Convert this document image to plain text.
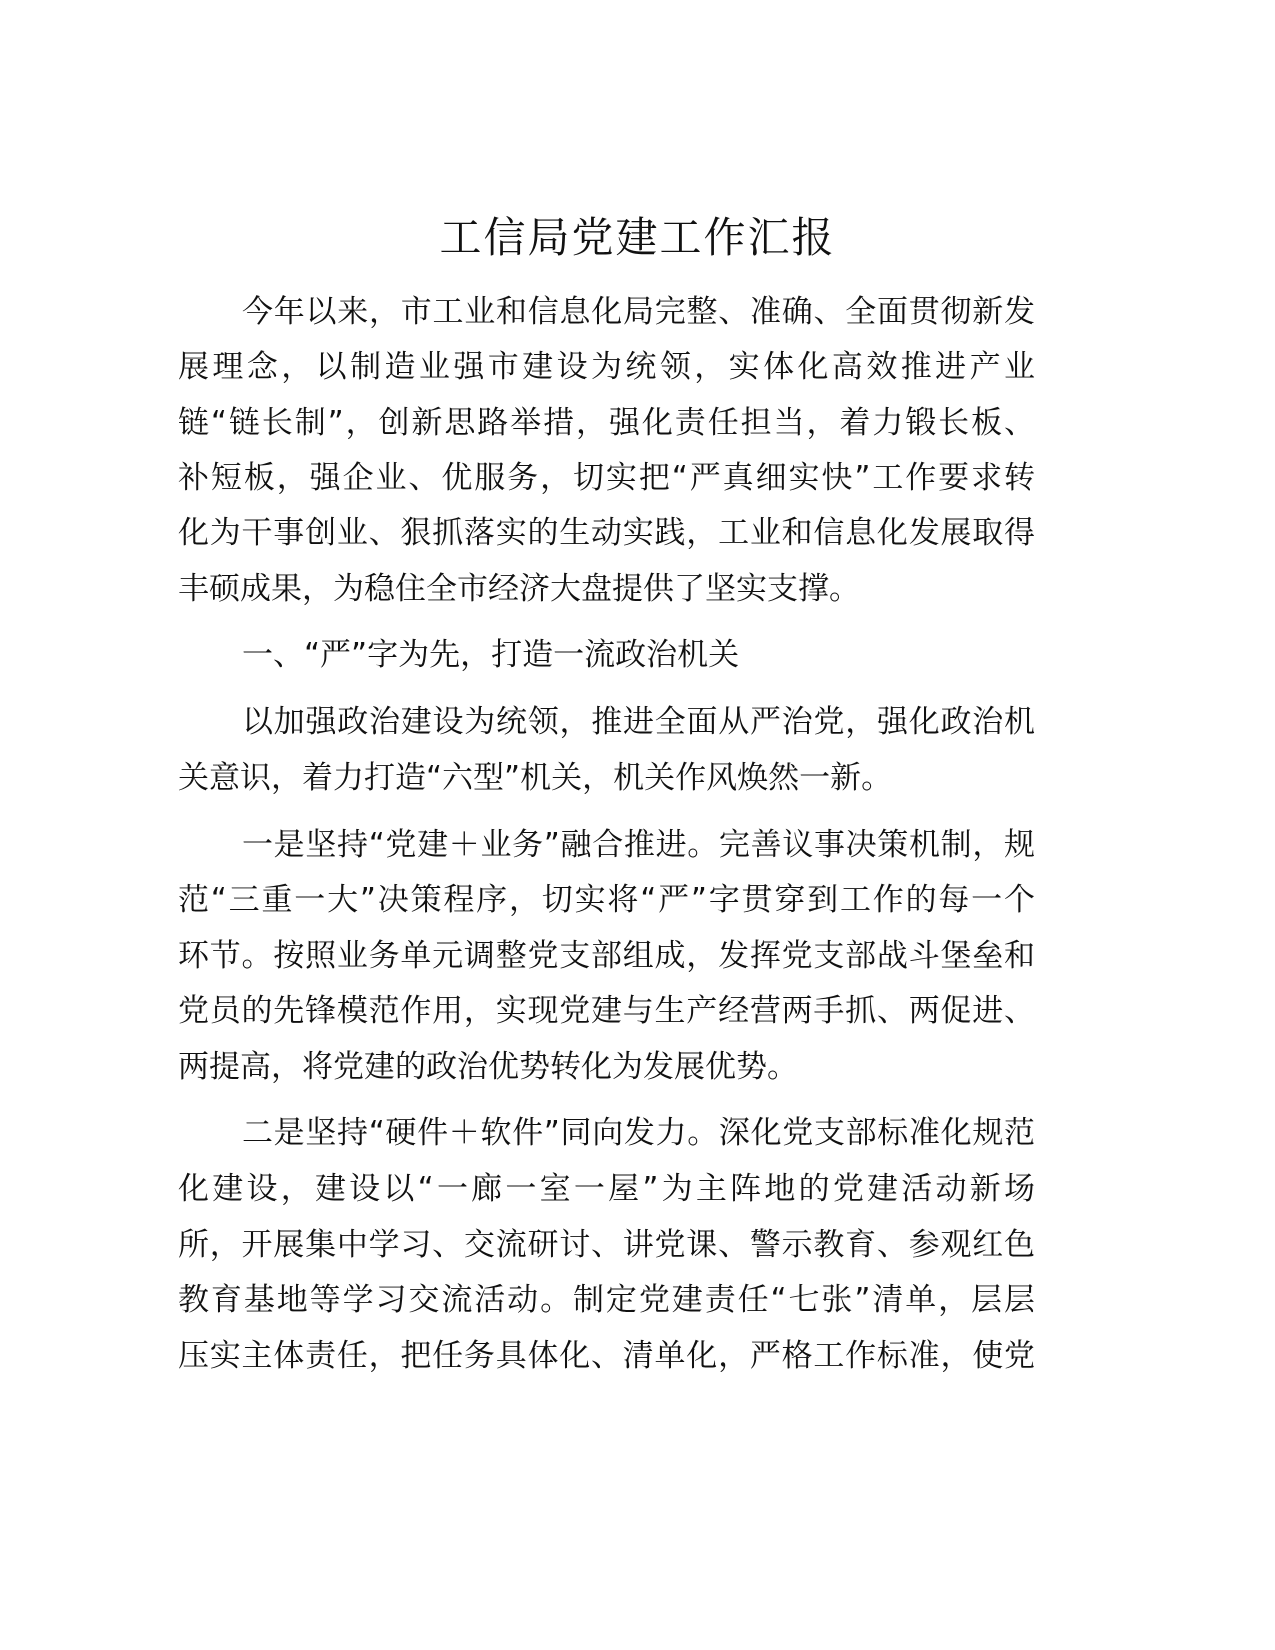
工信局党建工作汇报
今年以来，市工业和信息化局完整、准确、全面贯彻新发
展理念，以制造业强市建设为统领，实体化高效推进产业
链“链长制”，创新思路举措，强化责任担当，着力锻长板、
补短板，强企业、优服务，切实把“严真细实快”工作要求转
化为干事创业、狠抓落实的生动实践，工业和信息化发展取得
丰硕成果，为稳住全市经济大盘提供了坚实支撑。
一、“严”字为先，打造一流政治机关
以加强政治建设为统领，推进全面从严治党，强化政治机
关意识，着力打造“六型”机关，机关作风焕然一新。
一是坚持“党建＋业务”融合推进。完善议事决策机制，规
范“三重一大”决策程序，切实将“严”字贯穿到工作的每一个
环节。按照业务单元调整党支部组成，发挥党支部战斗堡垒和
党员的先锋模范作用，实现党建与生产经营两手抓、两促进、
两提高，将党建的政治优势转化为发展优势。
二是坚持“硬件＋软件”同向发力。深化党支部标准化规范
化建设，建设以“一廊一室一屋”为主阵地的党建活动新场
所，开展集中学习、交流研讨、讲党课、警示教育、参观红色
教育基地等学习交流活动。制定党建责任“七张”清单，层层
压实主体责任，把任务具体化、清单化，严格工作标准，使党
